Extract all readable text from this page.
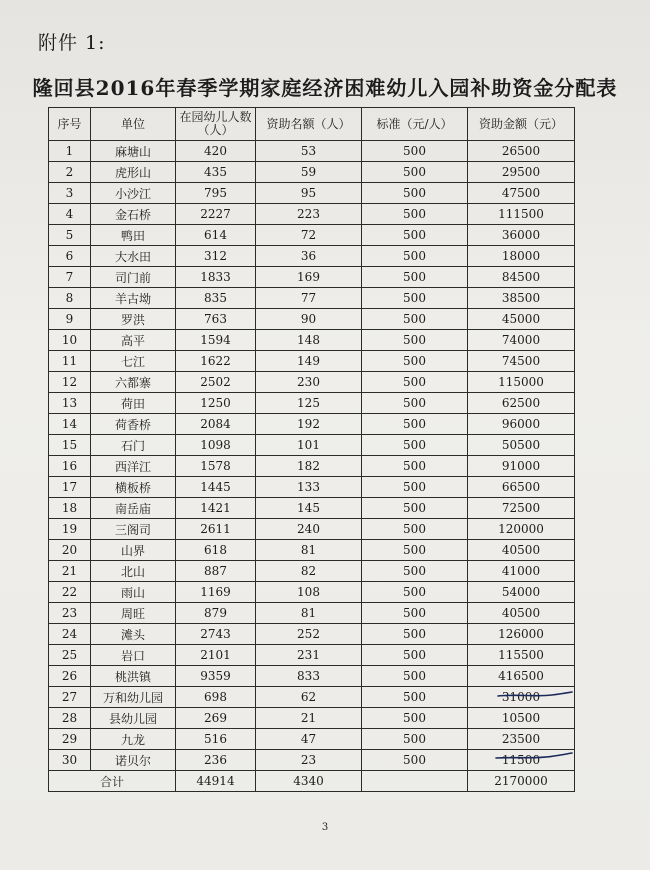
附件 1:
隆回县2016年春季学期家庭经济困难幼儿入园补助资金分配表
序号	单位	在园幼儿人数（人）	资助名额（人）	标准（元/人）	资助金额（元）
1	麻塘山	420	53	500	26500
2	虎形山	435	59	500	29500
3	小沙江	795	95	500	47500
4	金石桥	2227	223	500	111500
5	鸭田	614	72	500	36000
6	大水田	312	36	500	18000
7	司门前	1833	169	500	84500
8	羊古坳	835	77	500	38500
9	罗洪	763	90	500	45000
10	高平	1594	148	500	74000
11	七江	1622	149	500	74500
12	六都寨	2502	230	500	115000
13	荷田	1250	125	500	62500
14	荷香桥	2084	192	500	96000
15	石门	1098	101	500	50500
16	西洋江	1578	182	500	91000
17	横板桥	1445	133	500	66500
18	南岳庙	1421	145	500	72500
19	三阁司	2611	240	500	120000
20	山界	618	81	500	40500
21	北山	887	82	500	41000
22	雨山	1169	108	500	54000
23	周旺	879	81	500	40500
24	滩头	2743	252	500	126000
25	岩口	2101	231	500	115500
26	桃洪镇	9359	833	500	416500
27	万和幼儿园	698	62	500	31000
28	县幼儿园	269	21	500	10500
29	九龙	516	47	500	23500
30	诺贝尔	236	23	500	11500
合计		44914	4340		2170000
3
